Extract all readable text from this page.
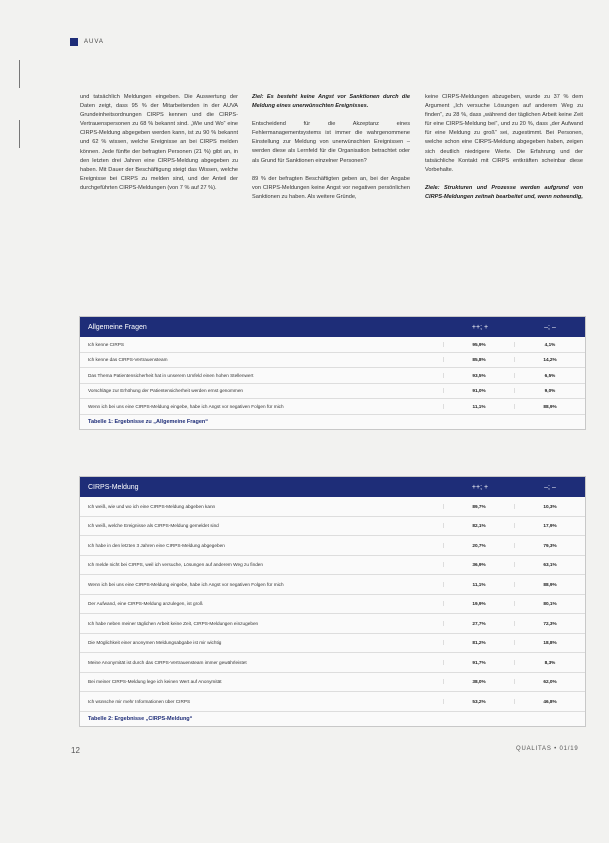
AUVA

und tatsächlich Meldungen eingeben. Die Auswertung der Daten zeigt, dass 95 % der Mitarbeitenden in der AUVA Grundeinheitsordnungen CIRPS kennen und die CIRPS-Vertrauenspersonen zu 68 % bekannt sind. „Wie und Wo“ eine CIRPS-Meldung abgegeben werden kann, ist zu 90 % bekannt und 62 % wissen, welche Ereignisse an bei CIRPS melden können. Jede fünfte der befragten Personen (21 %) gibt an, in den letzten drei Jahren eine CIRPS-Meldung abgegeben zu haben. Mit Dauer der Beschäftigung steigt das Wissen, welche Ereignisse bei CIRPS zu melden sind, und der Anteil der durchgeführten CIRPS-Meldungen (von 7 % auf 27 %).

Ziel: Es besteht keine Angst vor Sanktionen durch die Meldung eines unerwünschten Ereignisses.

Entscheidend für die Akzeptanz eines Fehlermanagementsystems ist immer die wahrgenommene Einstellung zur Meldung von unerwünschten Ereignissen – werden diese als Lernfeld für die Organisation betrachtet oder als Grund für Sanktionen einzelner Personen?

89 % der befragten Beschäftigten geben an, bei der Angabe von CIRPS-Meldungen keine Angst vor negativen persönlichen Sanktionen zu haben. Als weitere Gründe,

keine CIRPS-Meldungen abzugeben, wurde zu 37 % dem Argument „Ich versuche Lösungen auf anderem Weg zu finden“, zu 28 %, dass „während der täglichen Arbeit keine Zeit für eine CIRPS-Meldung bei“, und zu 20 %, dass „der Aufwand für eine Meldung zu groß“ sei, zugestimmt. Bei Personen, welche schon eine CIRPS-Meldung abgegeben haben, zeigen sich deutlich niedrigere Werte. Die Erfahrung und der tatsächliche Kontakt mit CIRPS entkräften scheinbar diese Vorbehalte.

Ziele: Strukturen und Prozesse werden aufgrund von CIRPS-Meldungen zeitnah bearbeitet und, wenn notwendig,

Allgemeine Fragen	++; +	–; –
Ich kenne CIRPS	95,9%	4,1%
Ich kenne das CIRPS-Vertrauensteam	85,8%	14,2%
Das Thema Patientensicherheit hat in unserem Umfeld einen hohen Stellenwert	93,5%	6,5%
Vorschläge zur Erhöhung der Patientensicherheit werden ernst genommen	91,0%	9,0%
Wenn ich bei uns eine CIRPS-Meldung eingebe, habe ich Angst vor negativen Folgen für mich	11,1%	88,9%
Tabelle 1: Ergebnisse zu „Allgemeine Fragen“
CIRPS-Meldung	++; +	–; –
Ich weiß, wie und wo ich eine CIRPS-Meldung abgeben kann	89,7%	10,3%
Ich weiß, welche Ereignisse als CIRPS-Meldung gemeldet sind	82,1%	17,9%
Ich habe in den letzten 3 Jahren eine CIRPS-Meldung abgegeben	20,7%	79,3%
Ich melde nicht bei CIRPS, weil ich versuche, Lösungen auf anderem Weg zu finden	36,9%	63,1%
Wenn ich bei uns eine CIRPS-Meldung eingebe, habe ich Angst vor negativen Folgen für mich	11,1%	88,9%
Der Aufwand, eine CIRPS-Meldung anzulegen, ist groß	19,9%	80,1%
Ich habe neben meiner täglichen Arbeit keine Zeit, CIRPS-Meldungen einzugeben	27,7%	72,3%
Die Möglichkeit einer anonymen Meldungsabgabe ist mir wichtig	81,2%	18,8%
Meine Anonymität ist durch das CIRPS-Vertrauensteam immer gewährleistet	91,7%	8,3%
Bei meiner CIRPS-Meldung lege ich keinen Wert auf Anonymität	38,0%	62,0%
Ich wünsche mir mehr Informationen über CIRPS	53,2%	46,8%
Tabelle 2: Ergebnisse „CIRPS-Meldung“
12	QUALITAS • 01/19
